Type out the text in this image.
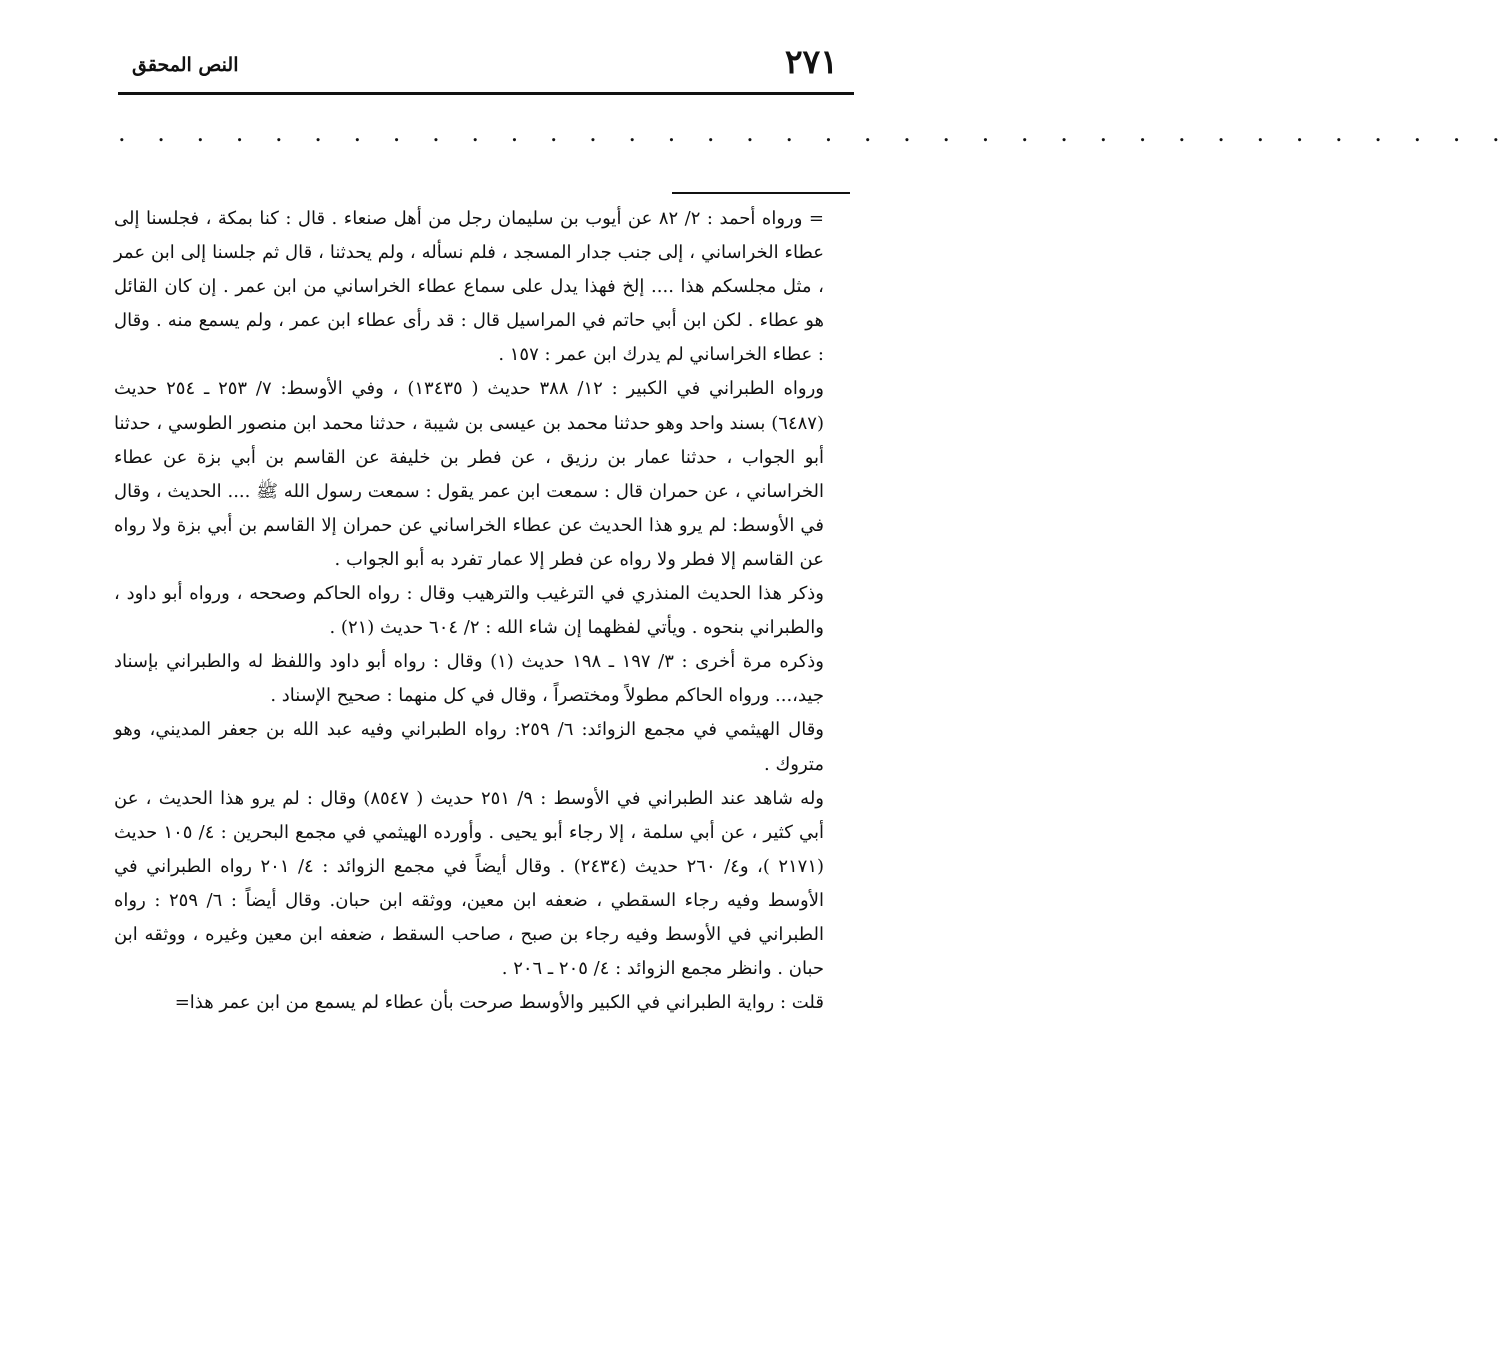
٢٧١
النص المحقق
. . . . . . . . . . . . . . . . . . . . . . . . . . . . . . . . . . . .

= ورواه أحمد : ٢/ ٨٢ عن أيوب بن سليمان رجل من أهل صنعاء . قال : كنا بمكة ، فجلسنا إلى عطاء الخراساني ، إلى جنب جدار المسجد ، فلم نسأله ، ولم يحدثنا ، قال ثم جلسنا إلى ابن عمر ، مثل مجلسكم هذا .... إلخ فهذا يدل على سماع عطاء الخراساني من ابن عمر . إن كان القائل هو عطاء . لكن ابن أبي حاتم في المراسيل قال : قد رأى عطاء ابن عمر ، ولم يسمع منه . وقال : عطاء الخراساني لم يدرك ابن عمر : ١٥٧ .

ورواه الطبراني في الكبير : ١٢/ ٣٨٨ حديث ( ١٣٤٣٥) ، وفي الأوسط: ٧/ ٢٥٣ ـ ٢٥٤ حديث (٦٤٨٧) بسند واحد وهو حدثنا محمد بن عيسى بن شيبة ، حدثنا محمد ابن منصور الطوسي ، حدثنا أبو الجواب ، حدثنا عمار بن رزيق ، عن فطر بن خليفة عن القاسم بن أبي بزة عن عطاء الخراساني ، عن حمران قال : سمعت ابن عمر يقول : سمعت رسول الله ﷺ .... الحديث ، وقال في الأوسط: لم يرو هذا الحديث عن عطاء الخراساني عن حمران إلا القاسم بن أبي بزة ولا رواه عن القاسم إلا فطر ولا رواه عن فطر إلا عمار تفرد به أبو الجواب .

وذكر هذا الحديث المنذري في الترغيب والترهيب وقال : رواه الحاكم وصححه ، ورواه أبو داود ، والطبراني بنحوه . ويأتي لفظهما إن شاء الله : ٢/ ٦٠٤ حديث (٢١) .

وذكره مرة أخرى : ٣/ ١٩٧ ـ ١٩٨ حديث (١) وقال : رواه أبو داود واللفظ له والطبراني بإسناد جيد،... ورواه الحاكم مطولاً ومختصراً ، وقال في كل منهما : صحيح الإسناد .

وقال الهيثمي في مجمع الزوائد: ٦/ ٢٥٩: رواه الطبراني وفيه عبد الله بن جعفر المديني، وهو متروك .

وله شاهد عند الطبراني في الأوسط : ٩/ ٢٥١ حديث ( ٨٥٤٧) وقال : لم يرو هذا الحديث ، عن أبي كثير ، عن أبي سلمة ، إلا رجاء أبو يحيى . وأورده الهيثمي في مجمع البحرين : ٤/ ١٠٥ حديث (٢١٧١ )، و٤/ ٢٦٠ حديث (٢٤٣٤) . وقال أيضاً في مجمع الزوائد : ٤/ ٢٠١ رواه الطبراني في الأوسط وفيه رجاء السقطي ، ضعفه ابن معين، ووثقه ابن حبان. وقال أيضاً : ٦/ ٢٥٩ : رواه الطبراني في الأوسط وفيه رجاء بن صبح ، صاحب السقط ، ضعفه ابن معين وغيره ، ووثقه ابن حبان . وانظر مجمع الزوائد : ٤/ ٢٠٥ ـ ٢٠٦ .

قلت : رواية الطبراني في الكبير والأوسط صرحت بأن عطاء لم يسمع من ابن عمر هذا=
